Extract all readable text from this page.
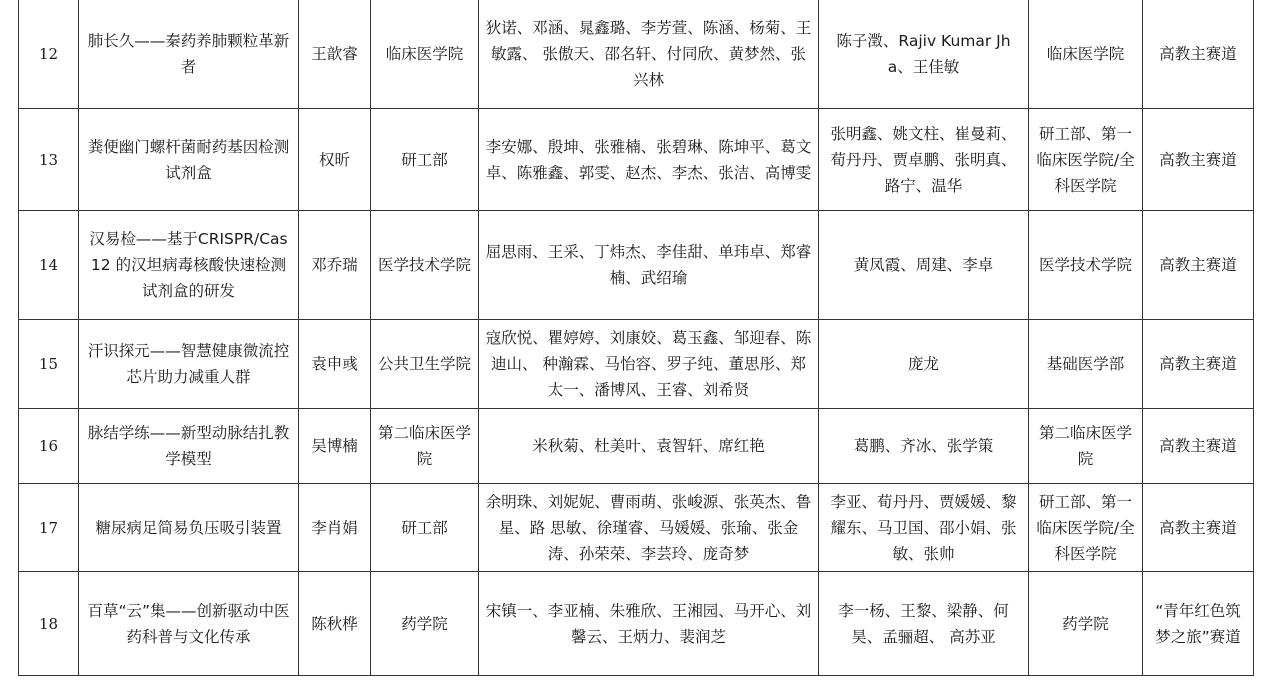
12	肺长久——秦药养肺颗粒革新者	王歆睿	临床医学院	狄诺、邓涵、晁鑫璐、李芳萱、陈涵、杨菊、王敏露、 张傲天、邵名轩、付同欣、黄梦然、张兴林	陈子澂、Rajiv Kumar Jha、王佳敏	临床医学院	高教主赛道
13	粪便幽门螺杆菌耐药基因检测试剂盒	权昕	研工部	李安娜、殷坤、张雅楠、张碧琳、陈坤平、葛文卓、陈雅鑫、郭雯、赵杰、李杰、张洁、高博雯	张明鑫、姚文柱、崔曼莉、荀丹丹、贾卓鹏、张明真、路宁、温华	研工部、第一临床医学院/全科医学院	高教主赛道
14	汉易检——基于CRISPR/Cas12 的汉坦病毒核酸快速检测试剂盒的研发	邓乔瑞	医学技术学院	屈思雨、王采、丁炜杰、李佳甜、单玮卓、郑睿楠、武绍瑜	黄凤霞、周建、李卓	医学技术学院	高教主赛道
15	汗识探元——智慧健康微流控芯片助力减重人群	袁申彧	公共卫生学院	寇欣悦、瞿婷婷、刘康姣、葛玉鑫、邹迎春、陈迪山、 种瀚霖、马怡容、罗子纯、董思彤、郑太一、潘博风、王睿、刘希贤	庞龙	基础医学部	高教主赛道
16	脉结学练——新型动脉结扎教学模型	吴博楠	第二临床医学院	米秋菊、杜美叶、袁智轩、席红艳	葛鹏、齐冰、张学策	第二临床医学院	高教主赛道
17	糖尿病足简易负压吸引装置	李肖娟	研工部	余明珠、刘妮妮、曹雨萌、张峻源、张英杰、鲁星、路 思敏、徐瑾睿、马媛媛、张瑜、张金涛、孙荣荣、李芸玲、庞奇梦	李亚、荀丹丹、贾媛媛、黎耀东、马卫国、邵小娟、张敏、张帅	研工部、第一临床医学院/全科医学院	高教主赛道
18	百草“云”集——创新驱动中医药科普与文化传承	陈秋桦	药学院	宋镇一、李亚楠、朱雅欣、王湘园、马开心、刘馨云、王炳力、裴润芝	李一杨、王黎、梁静、何昊、孟骊超、 高苏亚	药学院	“青年红色筑梦之旅”赛道
